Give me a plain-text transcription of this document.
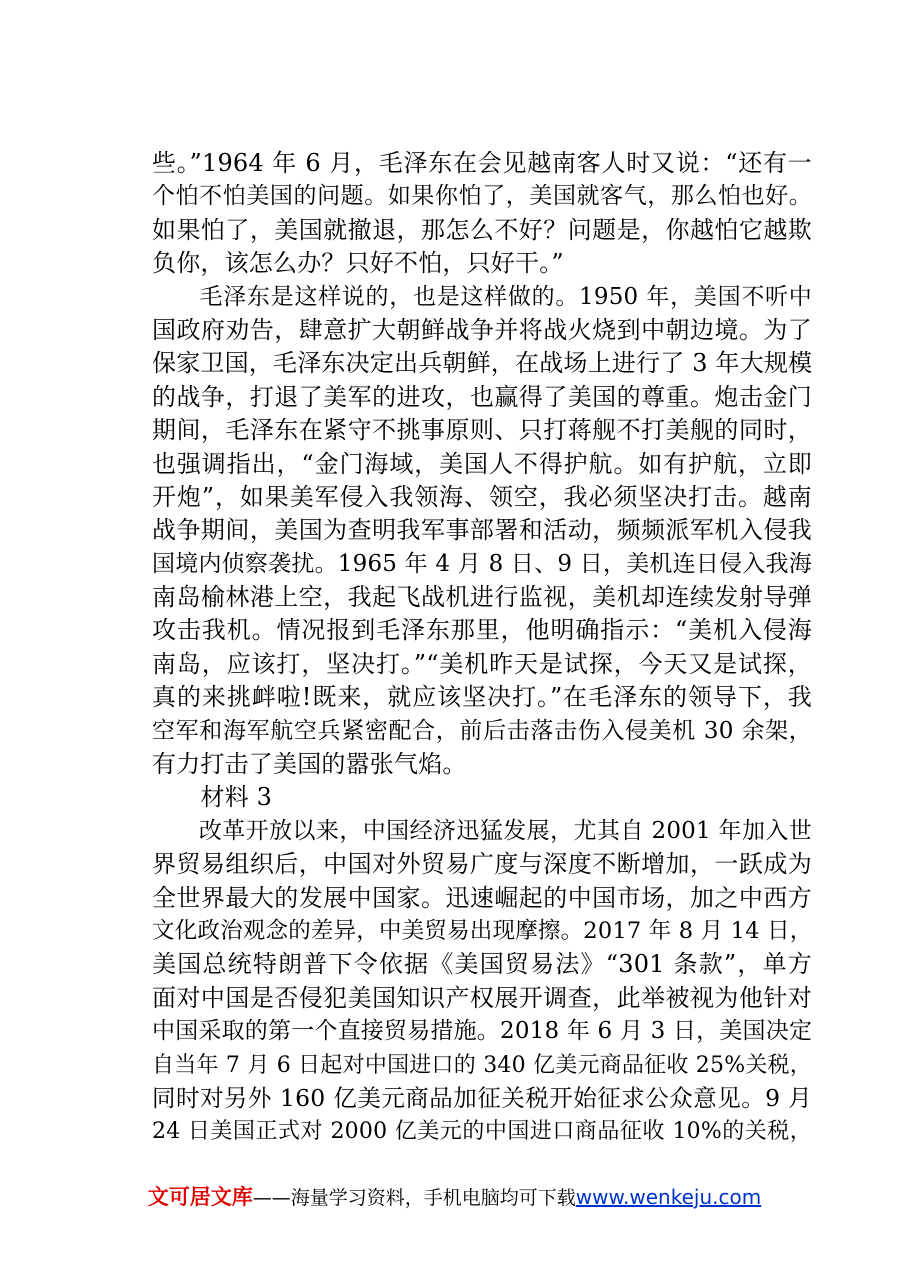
些。”1964 年 6 月，毛泽东在会见越南客人时又说：“还有一
个怕不怕美国的问题。如果你怕了，美国就客气，那么怕也好。
如果怕了，美国就撤退，那怎么不好？问题是，你越怕它越欺
负你，该怎么办？只好不怕，只好干。”
　　毛泽东是这样说的，也是这样做的。1950 年，美国不听中
国政府劝告，肆意扩大朝鲜战争并将战火烧到中朝边境。为了
保家卫国，毛泽东决定出兵朝鲜，在战场上进行了 3 年大规模
的战争，打退了美军的进攻，也赢得了美国的尊重。炮击金门
期间，毛泽东在紧守不挑事原则、只打蒋舰不打美舰的同时，
也强调指出，“金门海域，美国人不得护航。如有护航，立即
开炮”，如果美军侵入我领海、领空，我必须坚决打击。越南
战争期间，美国为查明我军事部署和活动，频频派军机入侵我
国境内侦察袭扰。1965 年 4 月 8 日、9 日，美机连日侵入我海
南岛榆林港上空，我起飞战机进行监视，美机却连续发射导弹
攻击我机。情况报到毛泽东那里，他明确指示：“美机入侵海
南岛，应该打，坚决打。”“美机昨天是试探，今天又是试探，
真的来挑衅啦!既来，就应该坚决打。”在毛泽东的领导下，我
空军和海军航空兵紧密配合，前后击落击伤入侵美机 30 余架，
有力打击了美国的嚣张气焰。
　　材料 3
　　改革开放以来，中国经济迅猛发展，尤其自 2001 年加入世
界贸易组织后，中国对外贸易广度与深度不断增加，一跃成为
全世界最大的发展中国家。迅速崛起的中国市场，加之中西方
文化政治观念的差异，中美贸易出现摩擦。2017 年 8 月 14 日，
美国总统特朗普下令依据《美国贸易法》“301 条款”，单方
面对中国是否侵犯美国知识产权展开调查，此举被视为他针对
中国采取的第一个直接贸易措施。2018 年 6 月 3 日，美国决定
自当年 7 月 6 日起对中国进口的 340 亿美元商品征收 25%关税，
同时对另外 160 亿美元商品加征关税开始征求公众意见。9 月
24 日美国正式对 2000 亿美元的中国进口商品征收 10%的关税，
文可居文库——海量学习资料，手机电脑均可下载www.wenkeju.com
